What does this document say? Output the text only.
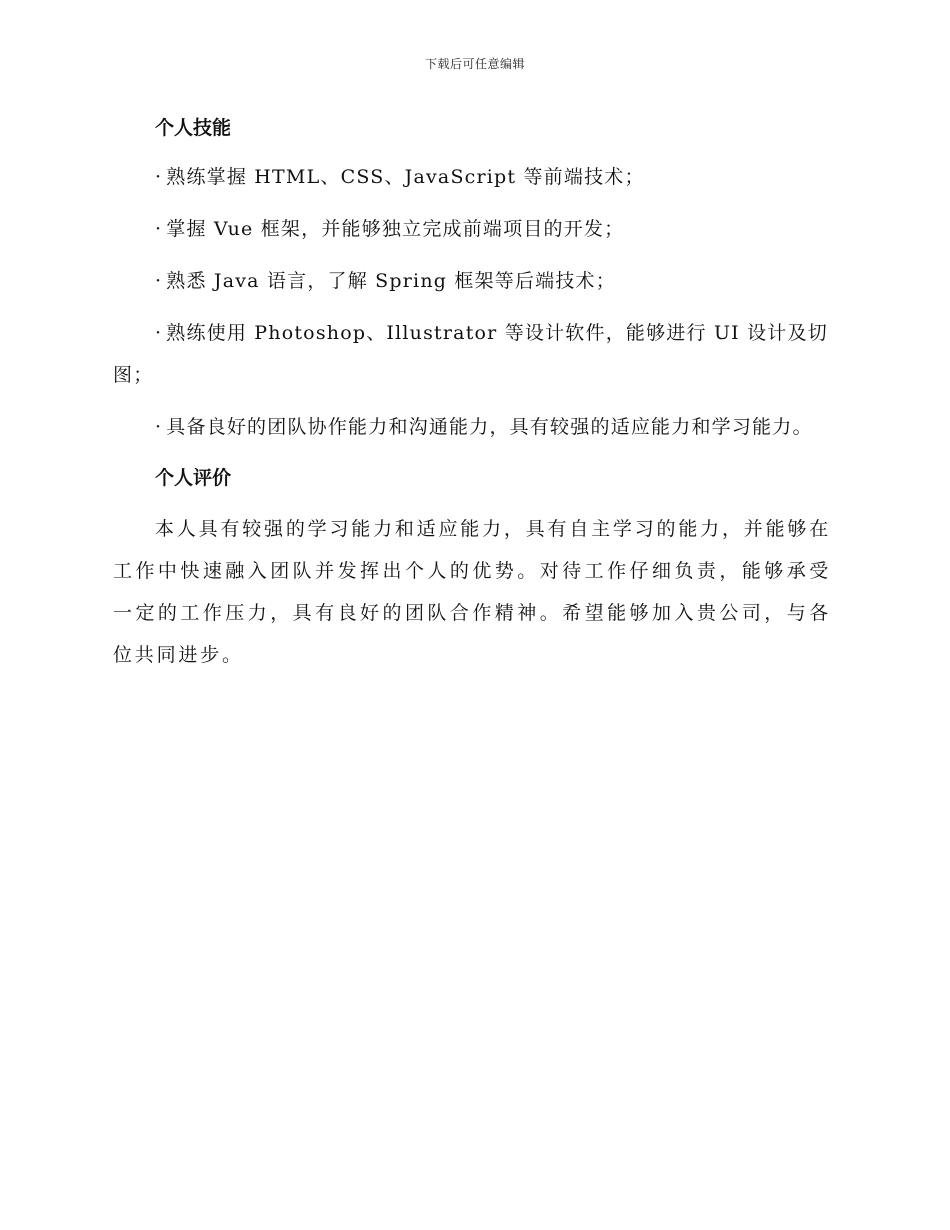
下载后可任意编辑
个人技能
· 熟练掌握 HTML、CSS、JavaScript 等前端技术；
· 掌握 Vue 框架，并能够独立完成前端项目的开发；
· 熟悉 Java 语言，了解 Spring 框架等后端技术；
· 熟练使用 Photoshop、Illustrator 等设计软件，能够进行 UI 设计及切图；
· 具备良好的团队协作能力和沟通能力，具有较强的适应能力和学习能力。
个人评价

本人具有较强的学习能力和适应能力，具有自主学习的能力，并能够在工作中快速融入团队并发挥出个人的优势。对待工作仔细负责，能够承受一定的工作压力，具有良好的团队合作精神。希望能够加入贵公司，与各位共同进步。
